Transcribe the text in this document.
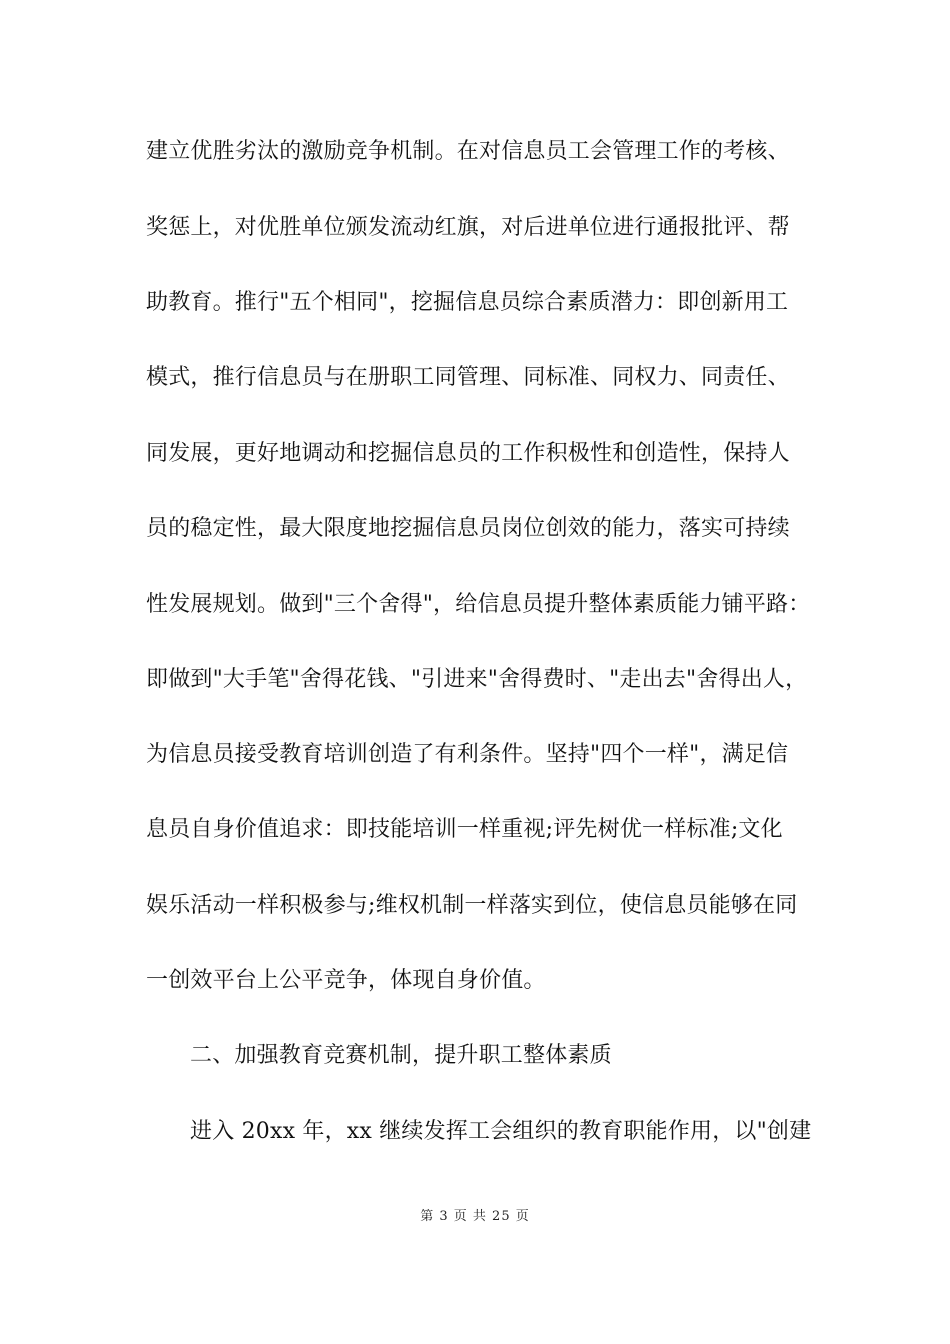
建立优胜劣汰的激励竞争机制。在对信息员工会管理工作的考核、
奖惩上，对优胜单位颁发流动红旗，对后进单位进行通报批评、帮
助教育。推行"五个相同"，挖掘信息员综合素质潜力：即创新用工
模式，推行信息员与在册职工同管理、同标准、同权力、同责任、
同发展，更好地调动和挖掘信息员的工作积极性和创造性，保持人
员的稳定性，最大限度地挖掘信息员岗位创效的能力，落实可持续
性发展规划。做到"三个舍得"，给信息员提升整体素质能力铺平路：
即做到"大手笔"舍得花钱、"引进来"舍得费时、"走出去"舍得出人，
为信息员接受教育培训创造了有利条件。坚持"四个一样"，满足信
息员自身价值追求：即技能培训一样重视;评先树优一样标准;文化
娱乐活动一样积极参与;维权机制一样落实到位，使信息员能够在同
一创效平台上公平竞争，体现自身价值。
二、加强教育竞赛机制，提升职工整体素质
进入 20xx 年，xx 继续发挥工会组织的教育职能作用，以"创建
第 3 页 共 25 页
